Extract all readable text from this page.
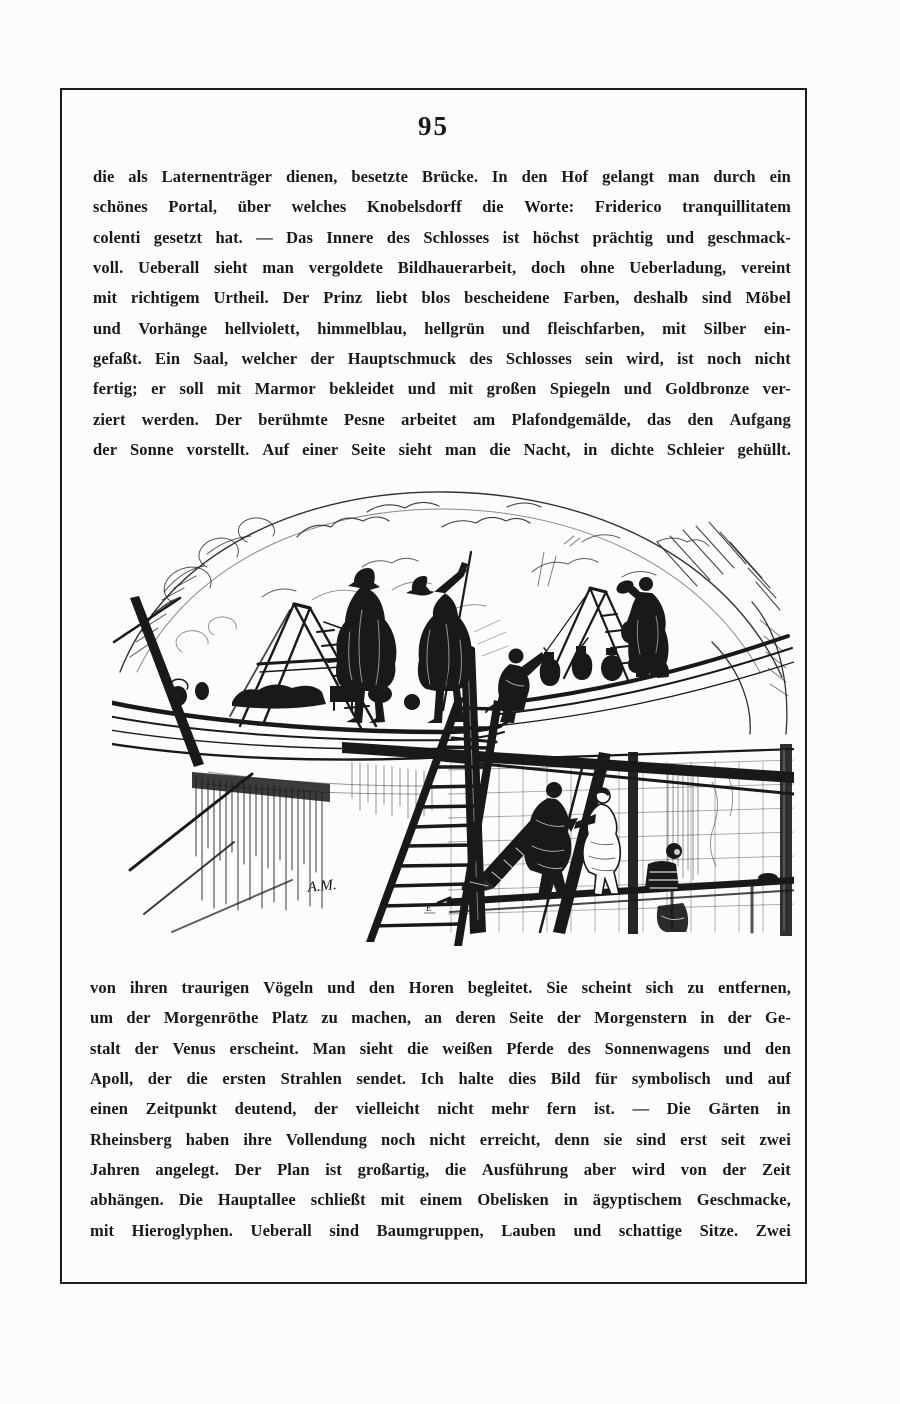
95
die als Laternenträger dienen, besetzte Brücke. In den Hof gelangt man durch ein
schönes Portal, über welches Knobelsdorff die Worte: Friderico tranquillitatem
colenti gesetzt hat. — Das Innere des Schlosses ist höchst prächtig und geschmack-
voll. Ueberall sieht man vergoldete Bildhauerarbeit, doch ohne Ueberladung, vereint
mit richtigem Urtheil. Der Prinz liebt blos bescheidene Farben, deshalb sind Möbel
und Vorhänge hellviolett, himmelblau, hellgrün und fleischfarben, mit Silber ein-
gefaßt. Ein Saal, welcher der Hauptschmuck des Schlosses sein wird, ist noch nicht
fertig; er soll mit Marmor bekleidet und mit großen Spiegeln und Goldbronze ver-
ziert werden. Der berühmte Pesne arbeitet am Plafondgemälde, das den Aufgang
der Sonne vorstellt. Auf einer Seite sieht man die Nacht, in dichte Schleier gehüllt.
A.M.
E
von ihren traurigen Vögeln und den Horen begleitet. Sie scheint sich zu entfernen,
um der Morgenröthe Platz zu machen, an deren Seite der Morgenstern in der Ge-
stalt der Venus erscheint. Man sieht die weißen Pferde des Sonnenwagens und den
Apoll, der die ersten Strahlen sendet. Ich halte dies Bild für symbolisch und auf
einen Zeitpunkt deutend, der vielleicht nicht mehr fern ist. — Die Gärten in
Rheinsberg haben ihre Vollendung noch nicht erreicht, denn sie sind erst seit zwei
Jahren angelegt. Der Plan ist großartig, die Ausführung aber wird von der Zeit
abhängen. Die Hauptallee schließt mit einem Obelisken in ägyptischem Geschmacke,
mit Hieroglyphen. Ueberall sind Baumgruppen, Lauben und schattige Sitze. Zwei
